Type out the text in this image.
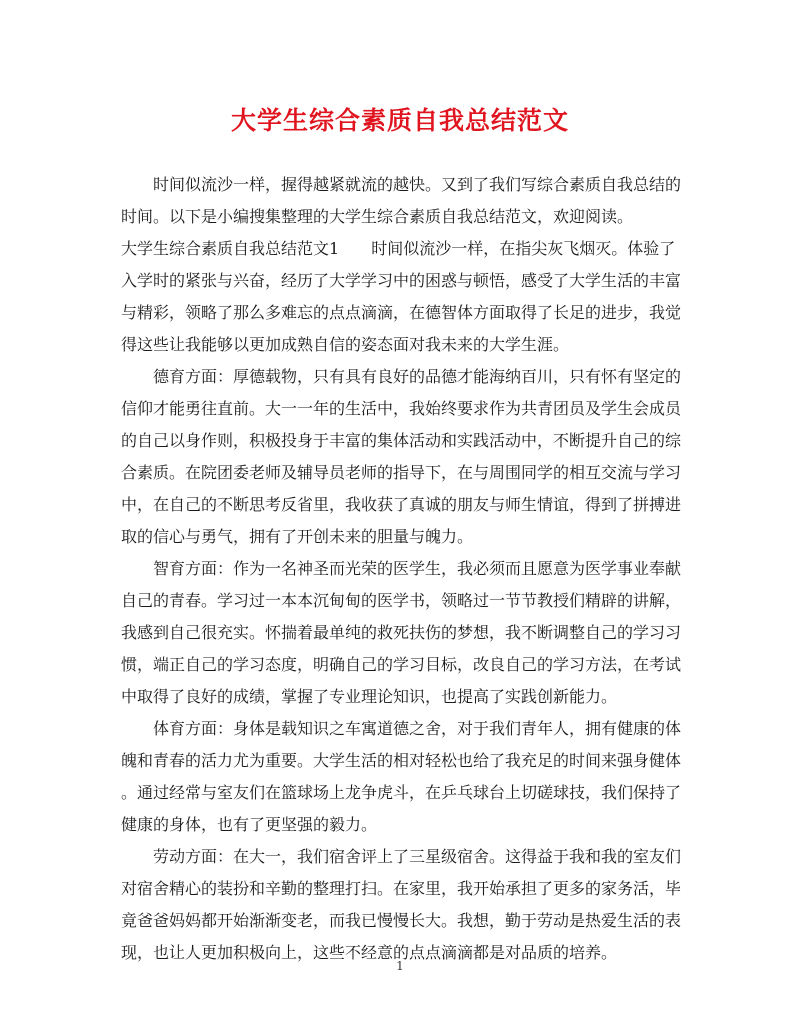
大学生综合素质自我总结范文
时间似流沙一样，握得越紧就流的越快。又到了我们写综合素质自我总结的
时间。以下是小编搜集整理的大学生综合素质自我总结范文，欢迎阅读。
大学生综合素质自我总结范文1 时间似流沙一样，在指尖灰飞烟灭。体验了
入学时的紧张与兴奋，经历了大学学习中的困惑与顿悟，感受了大学生活的丰富
与精彩，领略了那么多难忘的点点滴滴，在德智体方面取得了长足的进步，我觉
得这些让我能够以更加成熟自信的姿态面对我未来的大学生涯。
德育方面：厚德载物，只有具有良好的品德才能海纳百川，只有怀有坚定的
信仰才能勇往直前。大一一年的生活中，我始终要求作为共青团员及学生会成员
的自己以身作则，积极投身于丰富的集体活动和实践活动中，不断提升自己的综
合素质。在院团委老师及辅导员老师的指导下，在与周围同学的相互交流与学习
中，在自己的不断思考反省里，我收获了真诚的朋友与师生情谊，得到了拼搏进
取的信心与勇气，拥有了开创未来的胆量与魄力。
智育方面：作为一名神圣而光荣的医学生，我必须而且愿意为医学事业奉献
自己的青春。学习过一本本沉甸甸的医学书，领略过一节节教授们精辟的讲解，
我感到自己很充实。怀揣着最单纯的救死扶伤的梦想，我不断调整自己的学习习
惯，端正自己的学习态度，明确自己的学习目标，改良自己的学习方法，在考试
中取得了良好的成绩，掌握了专业理论知识，也提高了实践创新能力。
体育方面：身体是载知识之车寓道德之舍，对于我们青年人，拥有健康的体
魄和青春的活力尤为重要。大学生活的相对轻松也给了我充足的时间来强身健体
。通过经常与室友们在篮球场上龙争虎斗，在乒乓球台上切磋球技，我们保持了
健康的身体，也有了更坚强的毅力。
劳动方面：在大一，我们宿舍评上了三星级宿舍。这得益于我和我的室友们
对宿舍精心的装扮和辛勤的整理打扫。在家里，我开始承担了更多的家务活，毕
竟爸爸妈妈都开始渐渐变老，而我已慢慢长大。我想，勤于劳动是热爱生活的表
现，也让人更加积极向上，这些不经意的点点滴滴都是对品质的培养。
1
